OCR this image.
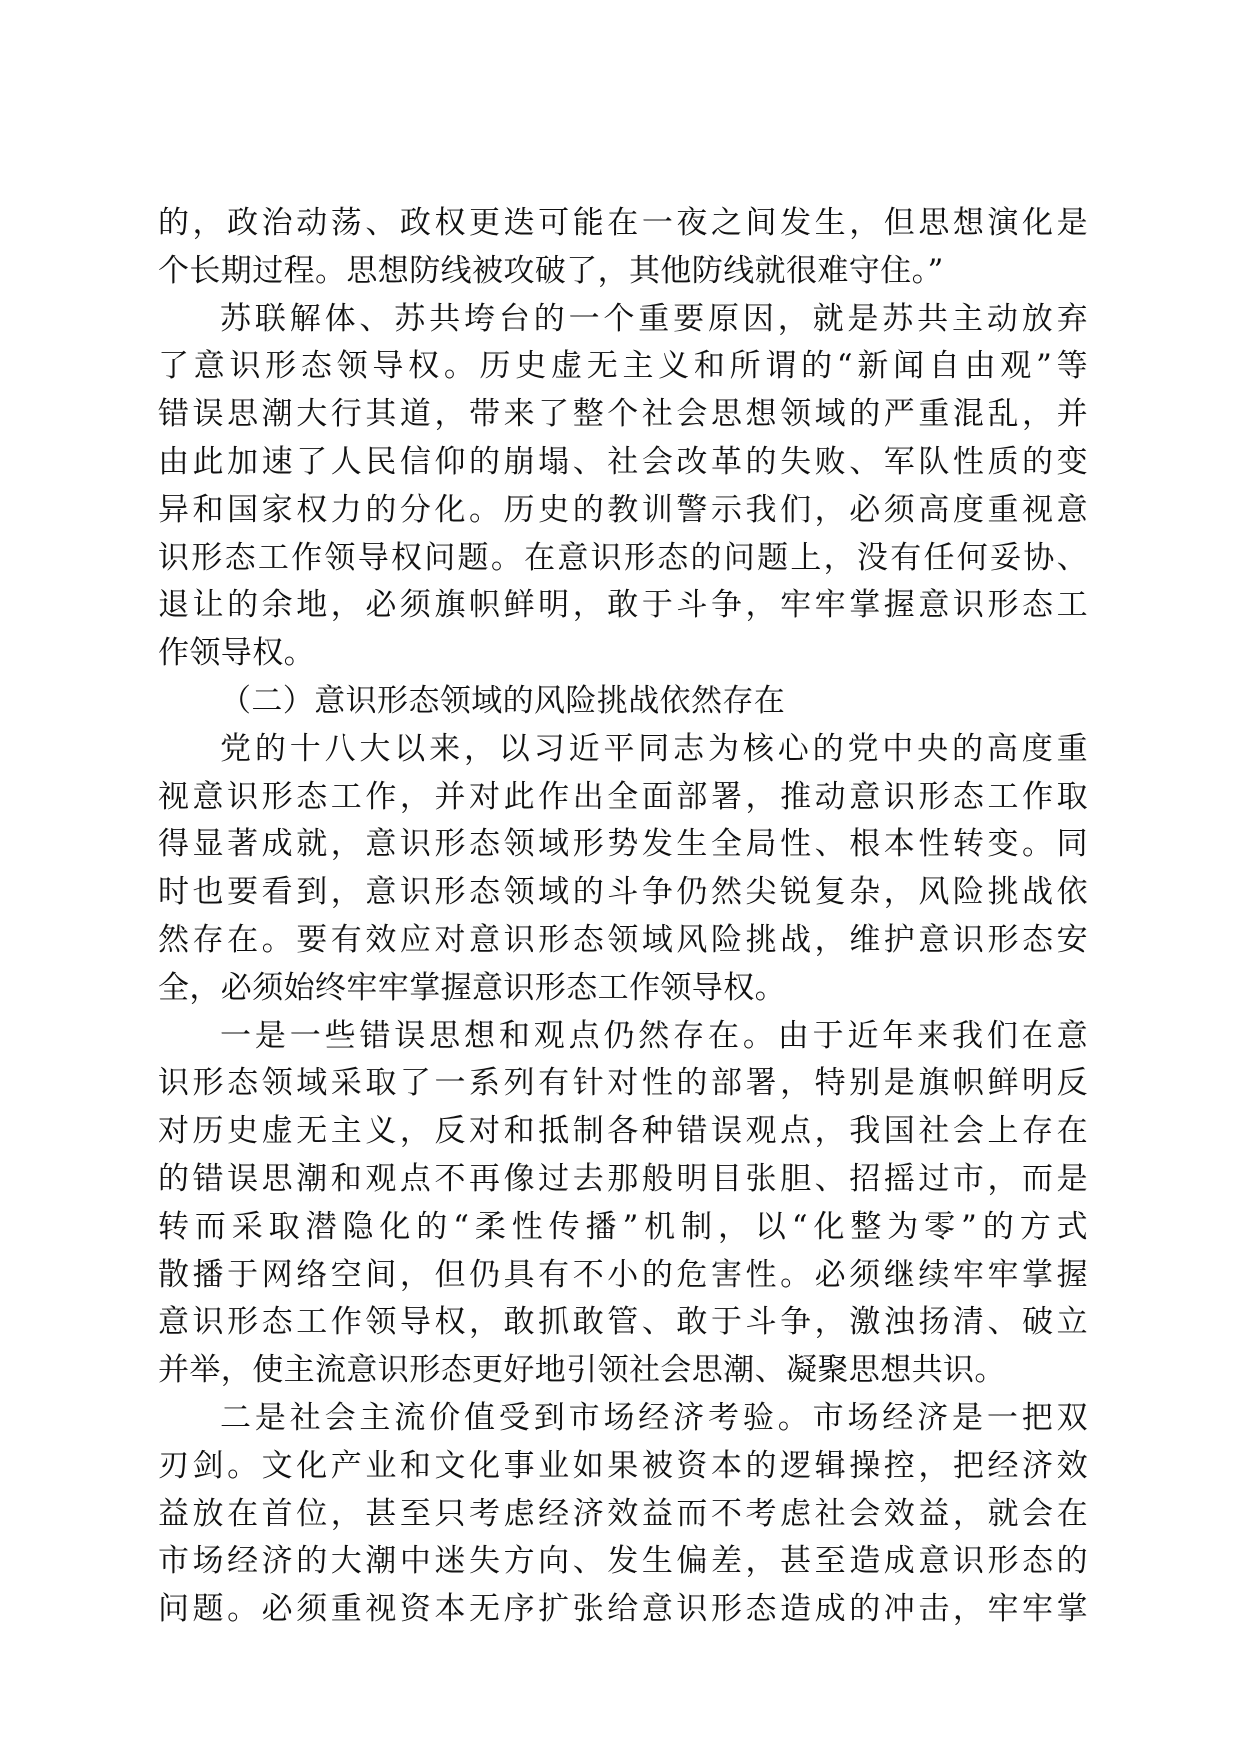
的，政治动荡、政权更迭可能在一夜之间发生，但思想演化是
个长期过程。思想防线被攻破了，其他防线就很难守住。”
苏联解体、苏共垮台的一个重要原因，就是苏共主动放弃
了意识形态领导权。历史虚无主义和所谓的“新闻自由观”等
错误思潮大行其道，带来了整个社会思想领域的严重混乱，并
由此加速了人民信仰的崩塌、社会改革的失败、军队性质的变
异和国家权力的分化。历史的教训警示我们，必须高度重视意
识形态工作领导权问题。在意识形态的问题上，没有任何妥协、
退让的余地，必须旗帜鲜明，敢于斗争，牢牢掌握意识形态工
作领导权。
（二）意识形态领域的风险挑战依然存在
党的十八大以来，以习近平同志为核心的党中央的高度重
视意识形态工作，并对此作出全面部署，推动意识形态工作取
得显著成就，意识形态领域形势发生全局性、根本性转变。同
时也要看到，意识形态领域的斗争仍然尖锐复杂，风险挑战依
然存在。要有效应对意识形态领域风险挑战，维护意识形态安
全，必须始终牢牢掌握意识形态工作领导权。
一是一些错误思想和观点仍然存在。由于近年来我们在意
识形态领域采取了一系列有针对性的部署，特别是旗帜鲜明反
对历史虚无主义，反对和抵制各种错误观点，我国社会上存在
的错误思潮和观点不再像过去那般明目张胆、招摇过市，而是
转而采取潜隐化的“柔性传播”机制，以“化整为零”的方式
散播于网络空间，但仍具有不小的危害性。必须继续牢牢掌握
意识形态工作领导权，敢抓敢管、敢于斗争，激浊扬清、破立
并举，使主流意识形态更好地引领社会思潮、凝聚思想共识。
二是社会主流价值受到市场经济考验。市场经济是一把双
刃剑。文化产业和文化事业如果被资本的逻辑操控，把经济效
益放在首位，甚至只考虑经济效益而不考虑社会效益，就会在
市场经济的大潮中迷失方向、发生偏差，甚至造成意识形态的
问题。必须重视资本无序扩张给意识形态造成的冲击，牢牢掌
